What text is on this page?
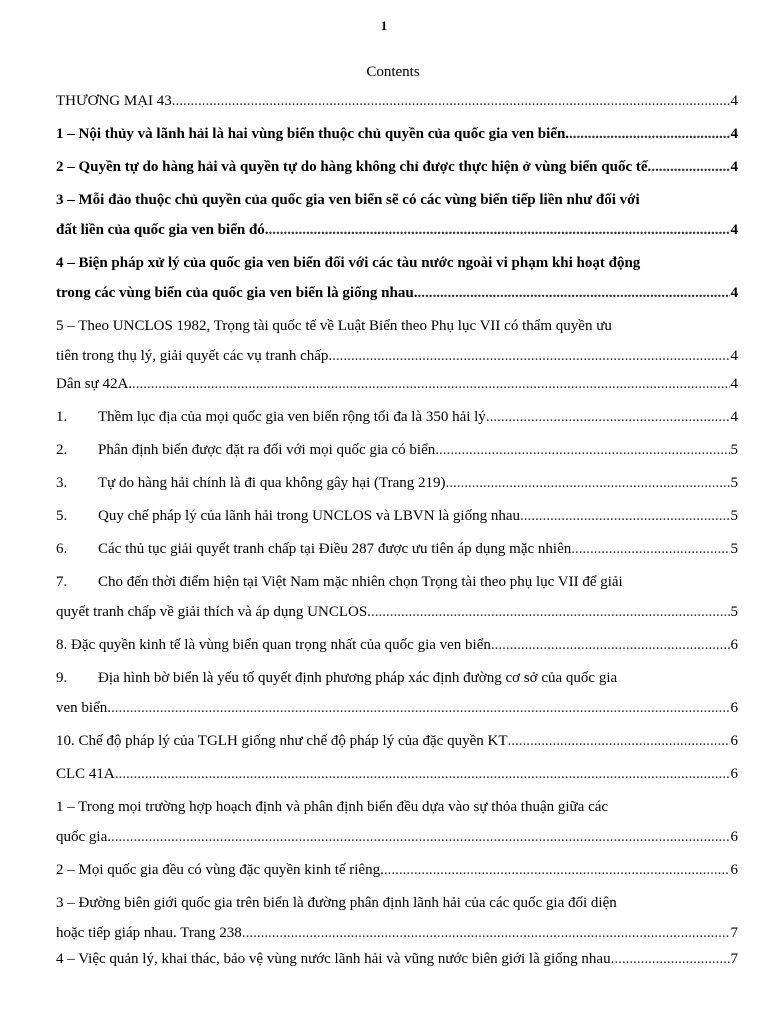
1
Contents
THƯƠNG MẠI 43. .....	4
1 – Nội thủy và lãnh hải là hai vùng biển thuộc chủ quyền của quốc gia ven biển. .....	4
2 – Quyền tự do hàng hải và quyền tự do hàng không chỉ được thực hiện ở vùng biển quốc tế. .....	4
3 – Mỗi đảo thuộc chủ quyền của quốc gia ven biển sẽ có các vùng biển tiếp liền như đối với
đất liền của quốc gia ven biển đó. .....	4
4 – Biện pháp xử lý của quốc gia ven biển đối với các tàu nước ngoài vi phạm khi hoạt động
trong các vùng biển của quốc gia ven biển là giống nhau. .....	4
5 – Theo UNCLOS 1982, Trọng tài quốc tế về Luật Biển theo Phụ lục VII có thẩm quyền ưu
tiên trong thụ lý, giải quyết các vụ tranh chấp. .....	4
Dân sự 42A. .....	4
1.	Thềm lục địa của mọi quốc gia ven biển rộng tối đa là 350 hải lý .....	4
2.	Phân định biển được đặt ra đối với mọi quốc gia có biển .....	5
3.	Tự do hàng hải chính là đi qua không gây hại (Trang 219) .....	5
5.	Quy chế pháp lý của lãnh hải trong UNCLOS và LBVN là giống nhau .....	5
6.	Các thủ tục giải quyết tranh chấp tại Điều 287 được ưu tiên áp dụng mặc nhiên .....	5
7. Cho đến thời điểm hiện tại Việt Nam mặc nhiên chọn Trọng tài theo phụ lục VII để giải
quyết tranh chấp về giải thích và áp dụng UNCLOS. .....	5
8. Đặc quyền kinh tế là vùng biển quan trọng nhất của quốc gia ven biển .....	6
9. Địa hình bờ biển là yếu tố quyết định phương pháp xác định đường cơ sở của quốc gia
ven biển. .....	6
10. Chế độ pháp lý của TGLH giống như chế độ pháp lý của đặc quyền KT .....	6
CLC 41A .....	6
1 – Trong mọi trường hợp hoạch định và phân định biển đều dựa vào sự thỏa thuận giữa các
quốc gia. .....	6
2 – Mọi quốc gia đều có vùng đặc quyền kinh tế riêng. .....	6
3 – Đường biên giới quốc gia trên biển là đường phân định lãnh hải của các quốc gia đối diện
hoặc tiếp giáp nhau. Trang 238 .....	7
4 – Việc quản lý, khai thác, bảo vệ vùng nước lãnh hải và vũng nước biên giới là giống nhau. .....	7
